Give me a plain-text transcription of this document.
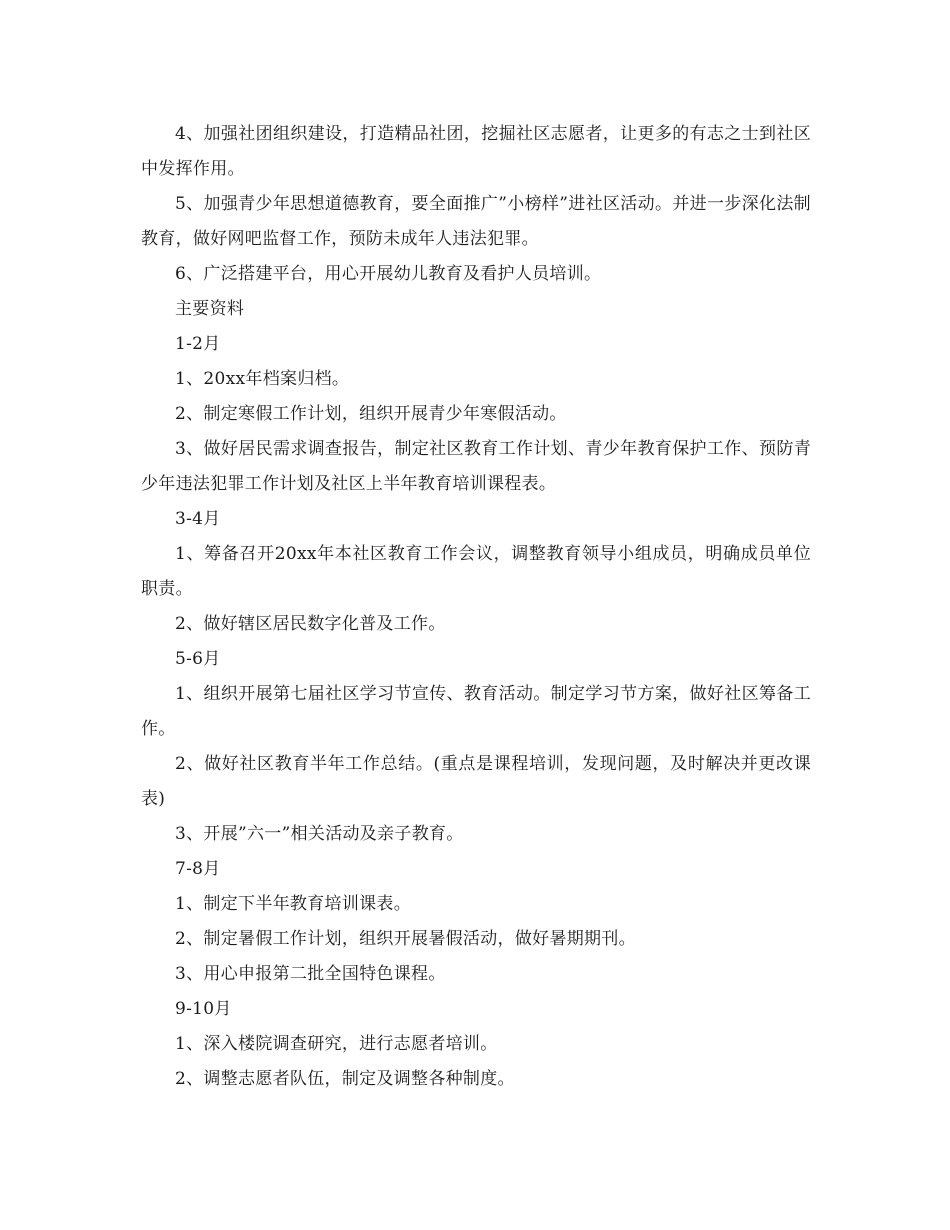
4、加强社团组织建设，打造精品社团，挖掘社区志愿者，让更多的有志之士到社区中发挥作用。

5、加强青少年思想道德教育，要全面推广”小榜样”进社区活动。并进一步深化法制教育，做好网吧监督工作，预防未成年人违法犯罪。

6、广泛搭建平台，用心开展幼儿教育及看护人员培训。

主要资料

1-2月

1、20xx年档案归档。

2、制定寒假工作计划，组织开展青少年寒假活动。

3、做好居民需求调查报告，制定社区教育工作计划、青少年教育保护工作、预防青少年违法犯罪工作计划及社区上半年教育培训课程表。

3-4月

1、筹备召开20xx年本社区教育工作会议，调整教育领导小组成员，明确成员单位职责。

2、做好辖区居民数字化普及工作。

5-6月

1、组织开展第七届社区学习节宣传、教育活动。制定学习节方案，做好社区筹备工作。

2、做好社区教育半年工作总结。(重点是课程培训，发现问题，及时解决并更改课表)

3、开展”六一”相关活动及亲子教育。

7-8月

1、制定下半年教育培训课表。

2、制定暑假工作计划，组织开展暑假活动，做好暑期期刊。

3、用心申报第二批全国特色课程。

9-10月

1、深入楼院调查研究，进行志愿者培训。

2、调整志愿者队伍，制定及调整各种制度。
